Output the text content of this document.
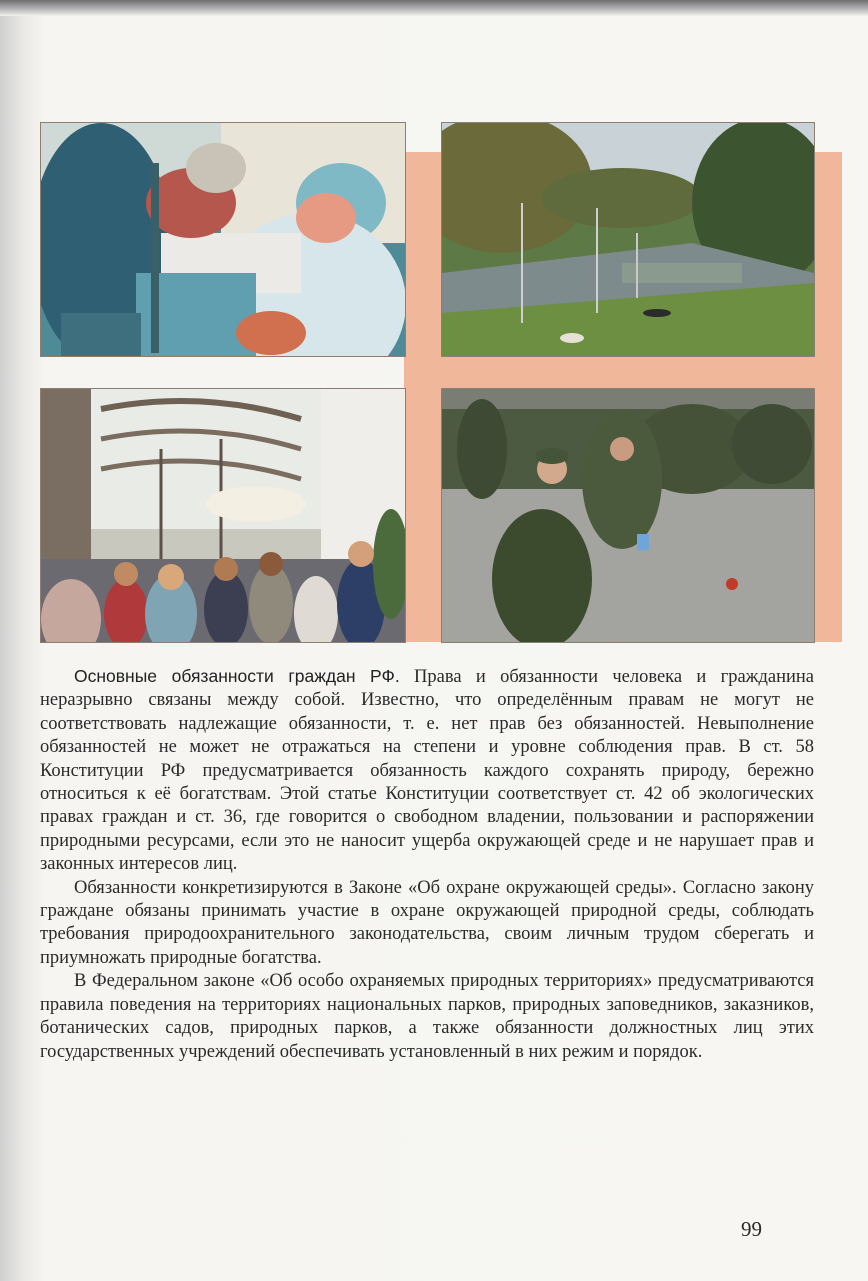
Основные обязанности граждан РФ. Права и обязанности человека и гражданина неразрывно связаны между собой. Известно, что определённым правам не могут не соответствовать надлежащие обязанности, т. е. нет прав без обязанностей. Невыполнение обязанностей не может не отражаться на степени и уровне соблюдения прав. В ст. 58 Конституции РФ предусматривается обязанность каждого сохранять природу, бережно относиться к её богатствам. Этой статье Конституции соответствует ст. 42 об экологических правах граждан и ст. 36, где говорится о свободном владении, пользовании и распоряжении природными ресурсами, если это не наносит ущерба окружающей среде и не нарушает прав и законных интересов лиц.

Обязанности конкретизируются в Законе «Об охране окружающей среды». Согласно закону граждане обязаны принимать участие в охране окружающей природной среды, соблюдать требования природоохранительного законодательства, своим личным трудом сберегать и приумножать природные богатства.

В Федеральном законе «Об особо охраняемых природных территориях» предусматриваются правила поведения на территориях национальных парков, природных заповедников, заказников, ботанических садов, природных парков, а также обязанности должностных лиц этих государственных учреждений обеспечивать установленный в них режим и порядок.

99
